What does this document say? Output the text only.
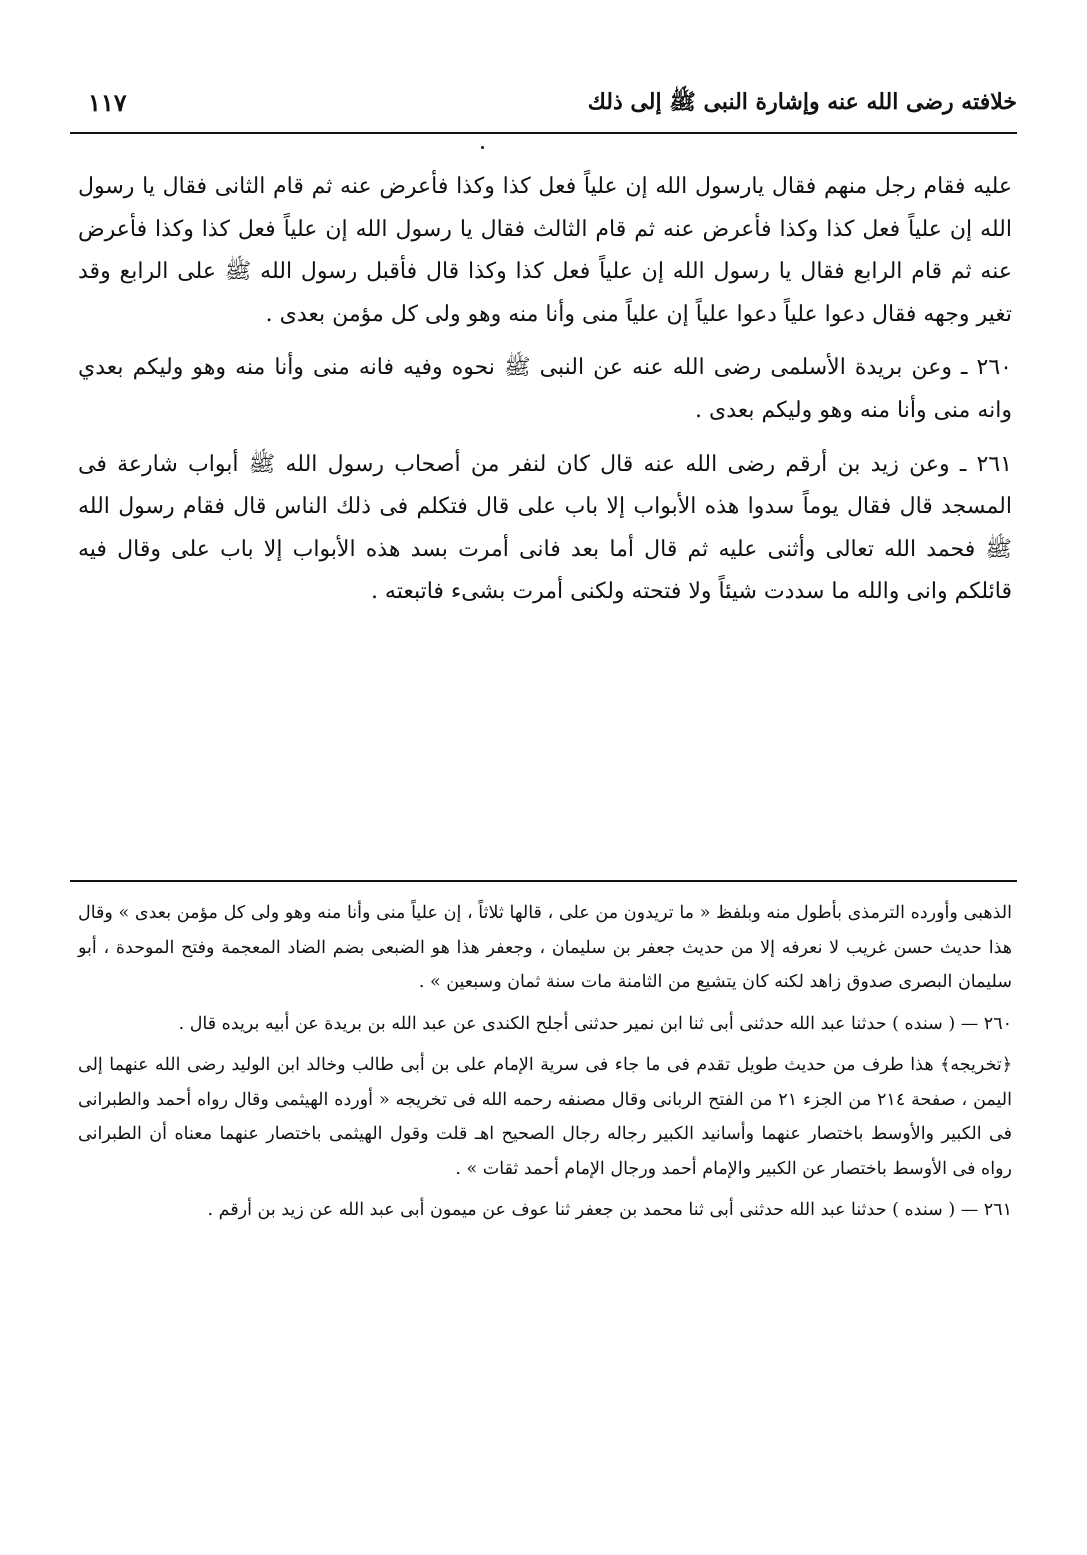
خلافته رضى الله عنه وإشارة النبى ﷺ إلى ذلك
١١٧

عليه فقام رجل منهم فقال يارسول الله إن علياً فعل كذا وكذا فأعرض عنه ثم قام الثانى فقال يا رسول الله إن علياً فعل كذا وكذا فأعرض عنه ثم قام الثالث فقال يا رسول الله إن علياً فعل كذا وكذا فأعرض عنه ثم قام الرابع فقال يا رسول الله إن علياً فعل كذا وكذا قال فأقبل رسول الله ﷺ على الرابع وقد تغير وجهه فقال دعوا علياً دعوا علياً إن علياً منى وأنا منه وهو ولى كل مؤمن بعدى .

٢٦٠ ـ وعن بريدة الأسلمى رضى الله عنه عن النبى ﷺ نحوه وفيه فانه منى وأنا منه وهو وليكم بعدي وانه منى وأنا منه وهو وليكم بعدى .

٢٦١ ـ وعن زيد بن أرقم رضى الله عنه قال كان لنفر من أصحاب رسول الله ﷺ أبواب شارعة فى المسجد قال فقال يوماً سدوا هذه الأبواب إلا باب على قال فتكلم فى ذلك الناس قال فقام رسول الله ﷺ فحمد الله تعالى وأثنى عليه ثم قال أما بعد فانى أمرت بسد هذه الأبواب إلا باب على وقال فيه قائلكم وانى والله ما سددت شيئاً ولا فتحته ولكنى أمرت بشىء فاتبعته .

الذهبى وأورده الترمذى بأطول منه وبلفظ « ما تريدون من على ، قالها ثلاثاً ، إن علياً منى وأنا منه وهو ولى كل مؤمن بعدى » وقال هذا حديث حسن غريب لا نعرفه إلا من حديث جعفر بن سليمان ، وجعفر هذا هو الضبعى بضم الضاد المعجمة وفتح الموحدة ، أبو سليمان البصرى صدوق زاهد لكنه كان يتشيع من الثامنة مات سنة ثمان وسبعين » .

٢٦٠ — ( سنده ) حدثنا عبد الله حدثنى أبى ثنا ابن نمير حدثنى أجلح الكندى عن عبد الله بن بريدة عن أبيه بريده قال .

﴿تخريجه﴾ هذا طرف من حديث طويل تقدم فى ما جاء فى سرية الإمام على بن أبى طالب وخالد ابن الوليد رضى الله عنهما إلى اليمن ، صفحة ٢١٤ من الجزء ٢١ من الفتح الربانى وقال مصنفه رحمه الله فى تخريجه « أورده الهيثمى وقال رواه أحمد والطبرانى فى الكبير والأوسط باختصار عنهما وأسانيد الكبير رجاله رجال الصحيح اهـ قلت وقول الهيثمى باختصار عنهما معناه أن الطبرانى رواه فى الأوسط باختصار عن الكبير والإمام أحمد ورجال الإمام أحمد ثقات » .

٢٦١ — ( سنده ) حدثنا عبد الله حدثنى أبى ثنا محمد بن جعفر ثنا عوف عن ميمون أبى عبد الله عن زيد بن أرقم .
